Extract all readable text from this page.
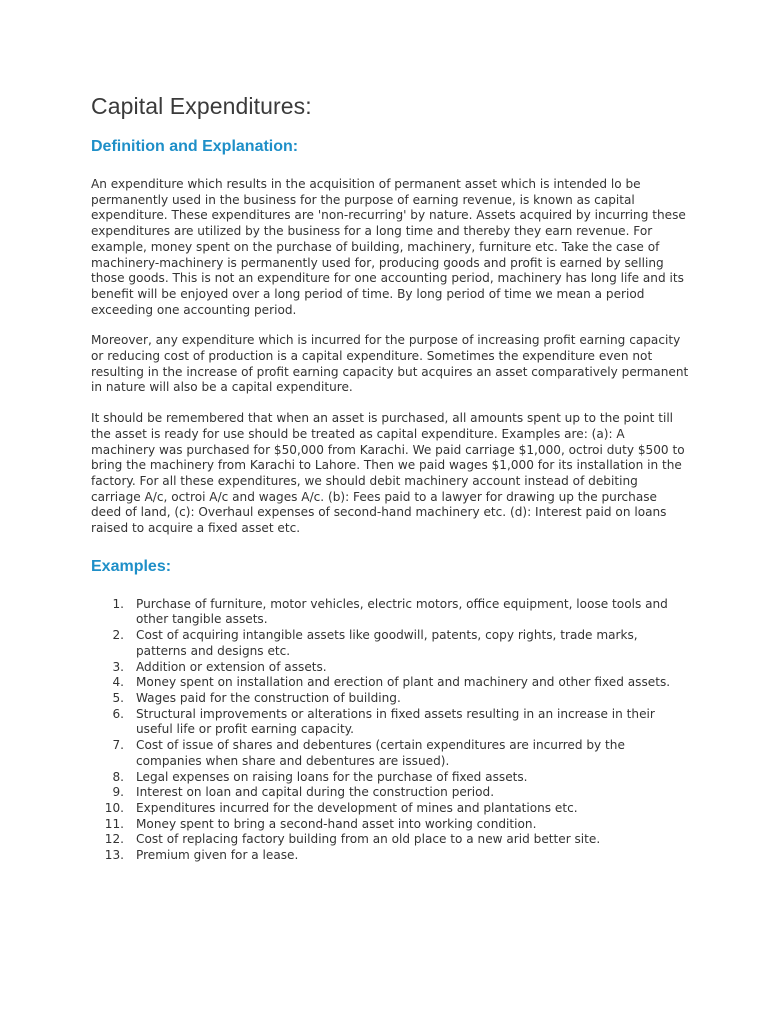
Capital Expenditures:
Definition and Explanation:

An expenditure which results in the acquisition of permanent asset which is intended lo be permanently used in the business for the purpose of earning revenue, is known as capital expenditure. These expenditures are 'non-recurring' by nature. Assets acquired by incurring these expenditures are utilized by the business for a long time and thereby they earn revenue. For example, money spent on the purchase of building, machinery, furniture etc. Take the case of machinery-machinery is permanently used for, producing goods and profit is earned by selling those goods. This is not an expenditure for one accounting period, machinery has long life and its benefit will be enjoyed over a long period of time. By long period of time we mean a period exceeding one accounting period.

Moreover, any expenditure which is incurred for the purpose of increasing profit earning capacity or reducing cost of production is a capital expenditure. Sometimes the expenditure even not resulting in the increase of profit earning capacity but acquires an asset comparatively permanent in nature will also be a capital expenditure.

It should be remembered that when an asset is purchased, all amounts spent up to the point till the asset is ready for use should be treated as capital expenditure. Examples are: (a): A machinery was purchased for $50,000 from Karachi. We paid carriage $1,000, octroi duty $500 to bring the machinery from Karachi to Lahore. Then we paid wages $1,000 for its installation in the factory. For all these expenditures, we should debit machinery account instead of debiting carriage A/c, octroi A/c and wages A/c. (b): Fees paid to a lawyer for drawing up the purchase deed of land, (c): Overhaul expenses of second-hand machinery etc. (d): Interest paid on loans raised to acquire a fixed asset etc.

Examples:
1. Purchase of furniture, motor vehicles, electric motors, office equipment, loose tools and other tangible assets.
2. Cost of acquiring intangible assets like goodwill, patents, copy rights, trade marks, patterns and designs etc.
3. Addition or extension of assets.
4. Money spent on installation and erection of plant and machinery and other fixed assets.
5. Wages paid for the construction of building.
6. Structural improvements or alterations in fixed assets resulting in an increase in their useful life or profit earning capacity.
7. Cost of issue of shares and debentures (certain expenditures are incurred by the companies when share and debentures are issued).
8. Legal expenses on raising loans for the purchase of fixed assets.
9. Interest on loan and capital during the construction period.
10. Expenditures incurred for the development of mines and plantations etc.
11. Money spent to bring a second-hand asset into working condition.
12. Cost of replacing factory building from an old place to a new arid better site.
13. Premium given for a lease.
